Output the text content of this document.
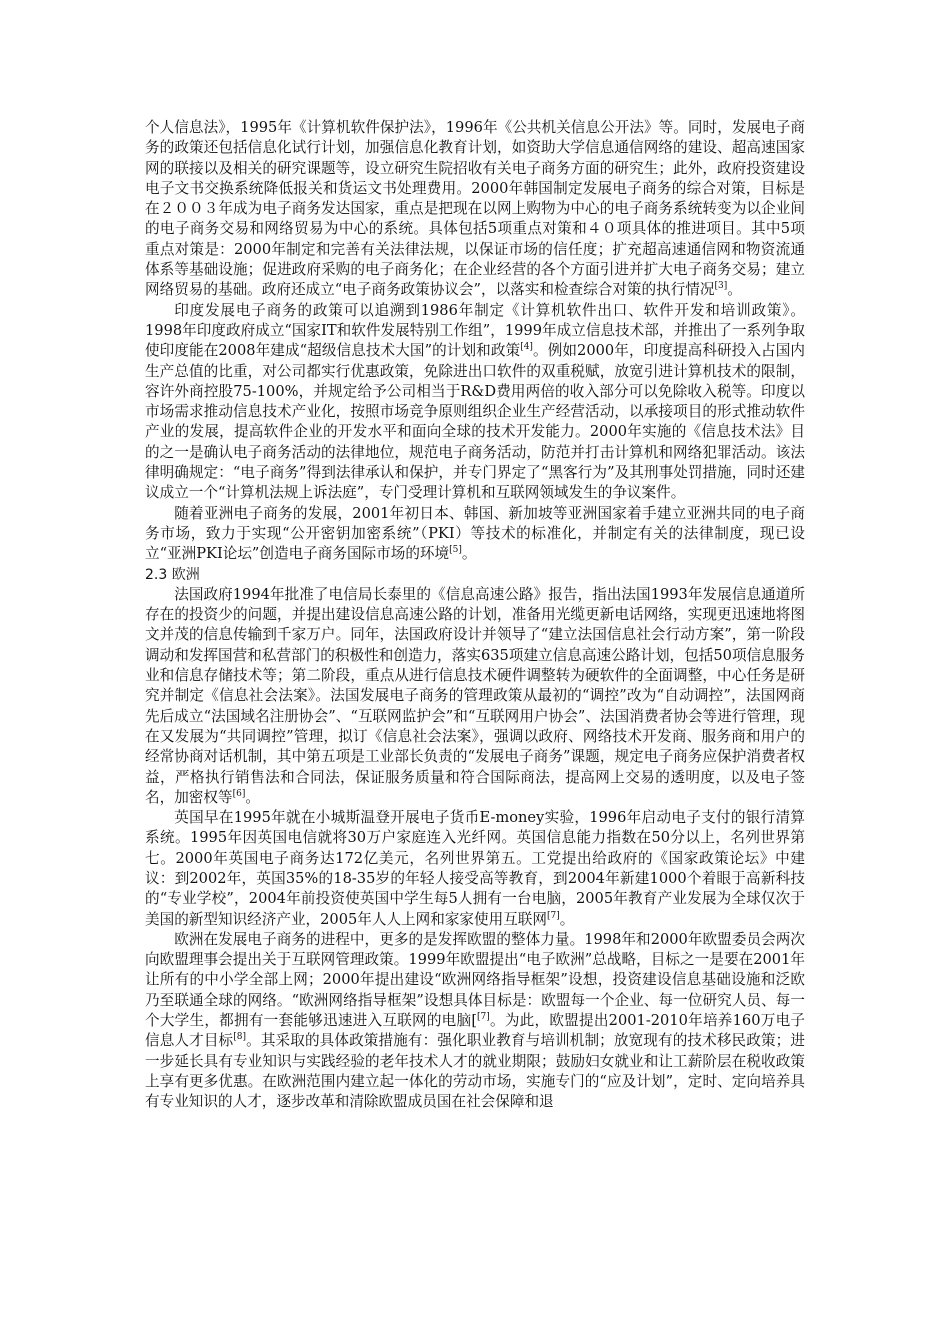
个人信息法》，1995年《计算机软件保护法》，1996年《公共机关信息公开法》等。同时，发展电子商务的政策还包括信息化试行计划，加强信息化教育计划，如资助大学信息通信网络的建设、超高速国家网的联接以及相关的研究课题等，设立研究生院招收有关电子商务方面的研究生；此外，政府投资建设电子文书交换系统降低报关和货运文书处理费用。2000年韩国制定发展电子商务的综合对策，目标是在２００３年成为电子商务发达国家，重点是把现在以网上购物为中心的电子商务系统转变为以企业间的电子商务交易和网络贸易为中心的系统。具体包括5项重点对策和４０项具体的推进项目。其中5项重点对策是：2000年制定和完善有关法律法规，以保证市场的信任度；扩充超高速通信网和物资流通体系等基础设施；促进政府采购的电子商务化；在企业经营的各个方面引进并扩大电子商务交易；建立网络贸易的基础。政府还成立“电子商务政策协议会”，以落实和检查综合对策的执行情况[3]。

印度发展电子商务的政策可以追溯到1986年制定《计算机软件出口、软件开发和培训政策》。1998年印度政府成立“国家IT和软件发展特别工作组”，1999年成立信息技术部，并推出了一系列争取使印度能在2008年建成“超级信息技术大国”的计划和政策[4]。例如2000年，印度提高科研投入占国内生产总值的比重，对公司都实行优惠政策，免除进出口软件的双重税赋，放宽引进计算机技术的限制，容许外商控股75-100%，并规定给予公司相当于R&D费用两倍的收入部分可以免除收入税等。印度以市场需求推动信息技术产业化，按照市场竞争原则组织企业生产经营活动，以承接项目的形式推动软件产业的发展，提高软件企业的开发水平和面向全球的技术开发能力。2000年实施的《信息技术法》目的之一是确认电子商务活动的法律地位，规范电子商务活动，防范并打击计算机和网络犯罪活动。该法律明确规定：“电子商务”得到法律承认和保护，并专门界定了“黑客行为”及其刑事处罚措施，同时还建议成立一个“计算机法规上诉法庭”，专门受理计算机和互联网领域发生的争议案件。

随着亚洲电子商务的发展，2001年初日本、韩国、新加坡等亚洲国家着手建立亚洲共同的电子商务市场，致力于实现“公开密钥加密系统”（PKI）等技术的标准化，并制定有关的法律制度，现已设立“亚洲PKI论坛”创造电子商务国际市场的环境[5]。

2.3 欧洲

法国政府1994年批准了电信局长泰里的《信息高速公路》报告，指出法国1993年发展信息通道所存在的投资少的问题，并提出建设信息高速公路的计划，准备用光缆更新电话网络，实现更迅速地将图文并茂的信息传输到千家万户。同年，法国政府设计并领导了“建立法国信息社会行动方案”，第一阶段调动和发挥国营和私营部门的积极性和创造力，落实635项建立信息高速公路计划，包括50项信息服务业和信息存储技术等；第二阶段，重点从进行信息技术硬件调整转为硬软件的全面调整，中心任务是研究并制定《信息社会法案》。法国发展电子商务的管理政策从最初的“调控”改为“自动调控”，法国网商先后成立“法国域名注册协会”、“互联网监护会”和“互联网用户协会”、法国消费者协会等进行管理，现在又发展为“共同调控”管理，拟订《信息社会法案》，强调以政府、网络技术开发商、服务商和用户的经常协商对话机制，其中第五项是工业部长负责的“发展电子商务”课题，规定电子商务应保护消费者权益，严格执行销售法和合同法，保证服务质量和符合国际商法，提高网上交易的透明度，以及电子签名，加密权等[6]。

英国早在1995年就在小城斯温登开展电子货币E-money实验，1996年启动电子支付的银行清算系统。1995年因英国电信就将30万户家庭连入光纤网。英国信息能力指数在50分以上，名列世界第七。2000年英国电子商务达172亿美元，名列世界第五。工党提出给政府的《国家政策论坛》中建议：到2002年，英国35%的18-35岁的年轻人接受高等教育，到2004年新建1000个着眼于高新科技的“专业学校”，2004年前投资使英国中学生每5人拥有一台电脑，2005年教育产业发展为全球仅次于美国的新型知识经济产业，2005年人人上网和家家使用互联网[7]。

欧洲在发展电子商务的进程中，更多的是发挥欧盟的整体力量。1998年和2000年欧盟委员会两次向欧盟理事会提出关于互联网管理政策。1999年欧盟提出“电子欧洲”总战略，目标之一是要在2001年让所有的中小学全部上网；2000年提出建设“欧洲网络指导框架”设想，投资建设信息基础设施和泛欧乃至联通全球的网络。“欧洲网络指导框架”设想具体目标是：欧盟每一个企业、每一位研究人员、每一个大学生，都拥有一套能够迅速进入互联网的电脑[[7]。为此，欧盟提出2001-2010年培养160万电子信息人才目标[8]。其采取的具体政策措施有：强化职业教育与培训机制；放宽现有的技术移民政策；进一步延长具有专业知识与实践经验的老年技术人才的就业期限；鼓励妇女就业和让工薪阶层在税收政策上享有更多优惠。在欧洲范围内建立起一体化的劳动市场，实施专门的“应及计划”，定时、定向培养具有专业知识的人才，逐步改革和清除欧盟成员国在社会保障和退
